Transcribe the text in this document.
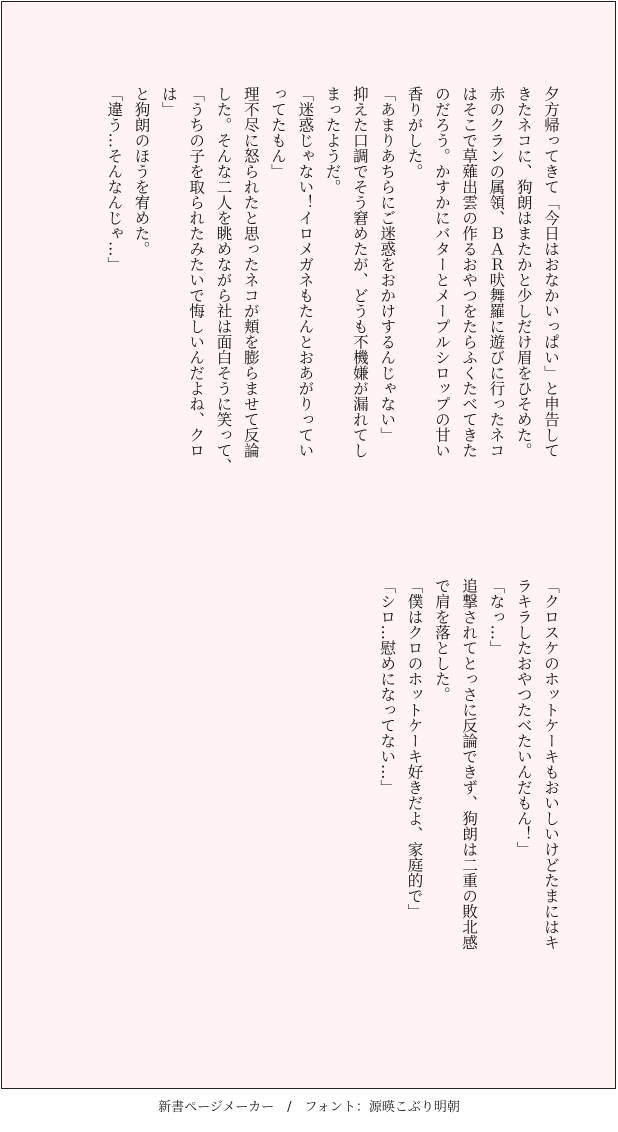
夕方帰ってきて「今日はおなかいっぱい」と申告して
きたネコに、狗朗はまたかと少しだけ眉をひそめた。
赤のクランの属領、ＢＡＲ吠舞羅に遊びに行ったネコ
はそこで草薙出雲の作るおやつをたらふくたべてきた
のだろう。かすかにバターとメープルシロップの甘い
香りがした。
「あまりあちらにご迷惑をおかけするんじゃない」
抑えた口調でそう窘めたが、どうも不機嫌が漏れてし
まったようだ。
「迷惑じゃない！イロメガネもたんとおあがりってい
ってたもん」
理不尽に怒られたと思ったネコが頬を膨らませて反論
した。そんな二人を眺めながら社は面白そうに笑って、
「うちの子を取られたみたいで悔しいんだよね、クロ
は」
と狗朗のほうを宥めた。
「違う…そんなんじゃ…」
「クロスケのホットケーキもおいしいけどたまにはキ
ラキラしたおやつたべたいんだもん！」
「なっ…」
追撃されてとっさに反論できず、狗朗は二重の敗北感
で肩を落とした。
「僕はクロのホットケーキ好きだよ、家庭的で」
「シロ…慰めになってない…」
新書ページメーカー　/　フォント：源暎こぶり明朝
